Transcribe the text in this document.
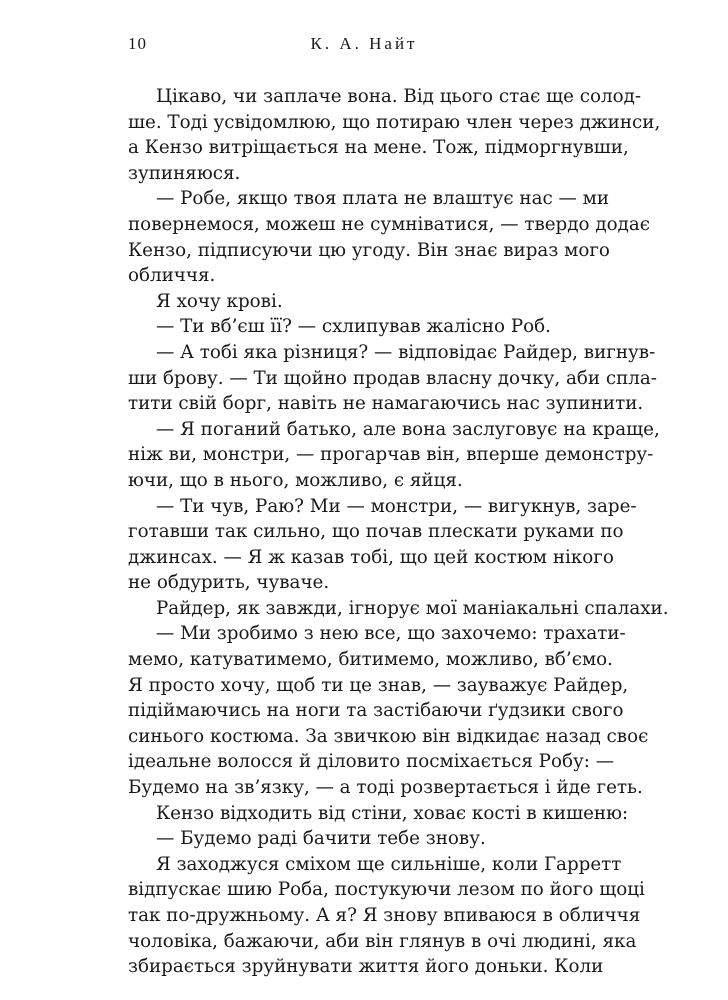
10	К. А. Найт
Цікаво, чи заплаче вона. Від цього стає ще солод-
ше. Тоді усвідомлюю, що потираю член через джинси,
а Кензо витріщається на мене. Тож, підморгнувши,
зупиняюся.
— Робе, якщо твоя плата не влаштує нас — ми
повернемося, можеш не сумніватися, — твердо додає
Кензо, підписуючи цю угоду. Він знає вираз мого
обличчя.
Я хочу крові.
— Ти вб’єш її? — схлипував жалісно Роб.
— А тобі яка різниця? — відповідає Райдер, вигнув-
ши брову. — Ти щойно продав власну дочку, аби спла-
тити свій борг, навіть не намагаючись нас зупинити.
— Я поганий батько, але вона заслуговує на краще,
ніж ви, монстри, — прогарчав він, вперше демонстру-
ючи, що в нього, можливо, є яйця.
— Ти чув, Раю? Ми — монстри, — вигукнув, заре-
готавши так сильно, що почав плескати руками по
джинсах. — Я ж казав тобі, що цей костюм нікого
не обдурить, чуваче.
Райдер, як завжди, ігнорує мої маніакальні спалахи.
— Ми зробимо з нею все, що захочемо: трахати-
мемо, катуватимемо, битимемо, можливо, вб’ємо.
Я просто хочу, щоб ти це знав, — зауважує Райдер,
підіймаючись на ноги та застібаючи ґудзики свого
синього костюма. За звичкою він відкидає назад своє
ідеальне волосся й діловито посміхається Робу: —
Будемо на зв’язку, — а тоді розвертається і йде геть.
Кензо відходить від стіни, ховає кості в кишеню:
— Будемо раді бачити тебе знову.
Я заходжуся сміхом ще сильніше, коли Гарретт
відпускає шию Роба, постукуючи лезом по його щоці
так по-дружньому. А я? Я знову впиваюся в обличчя
чоловіка, бажаючи, аби він глянув в очі людині, яка
збирається зруйнувати життя його доньки. Коли
